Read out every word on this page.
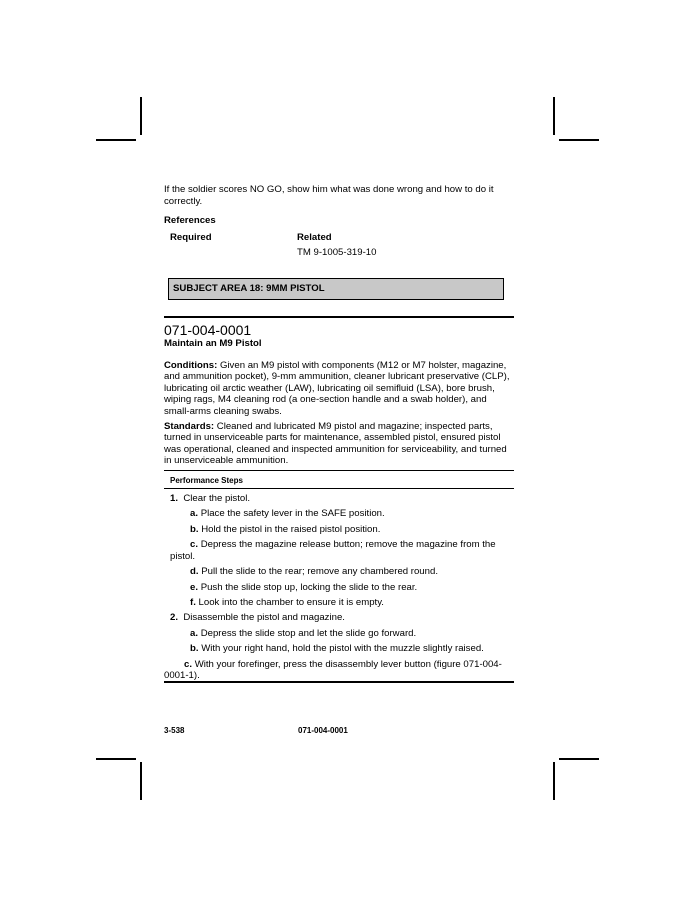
If the soldier scores NO GO, show him what was done wrong and how to do it correctly.

References

Required	Related
TM 9-1005-319-10
SUBJECT AREA 18: 9MM PISTOL
071-004-0001
Maintain an M9 Pistol

Conditions: Given an M9 pistol with components (M12 or M7 holster, magazine, and ammunition pocket), 9-mm ammunition, cleaner lubricant preservative (CLP), lubricating oil arctic weather (LAW), lubricating oil semifluid (LSA), bore brush, wiping rags, M4 cleaning rod (a one-section handle and a swab holder), and small-arms cleaning swabs.

Standards: Cleaned and lubricated M9 pistol and magazine; inspected parts, turned in unserviceable parts for maintenance, assembled pistol, ensured pistol was operational, cleaned and inspected ammunition for serviceability, and turned in unserviceable ammunition.

Performance Steps
1. Clear the pistol.
a. Place the safety lever in the SAFE position.
b. Hold the pistol in the raised pistol position.
c. Depress the magazine release button; remove the magazine from the pistol.
d. Pull the slide to the rear; remove any chambered round.
e. Push the slide stop up, locking the slide to the rear.
f. Look into the chamber to ensure it is empty.
2. Disassemble the pistol and magazine.
a. Depress the slide stop and let the slide go forward.
b. With your right hand, hold the pistol with the muzzle slightly raised.
c. With your forefinger, press the disassembly lever button (figure 071-004-0001-1).
3-538	071-004-0001
